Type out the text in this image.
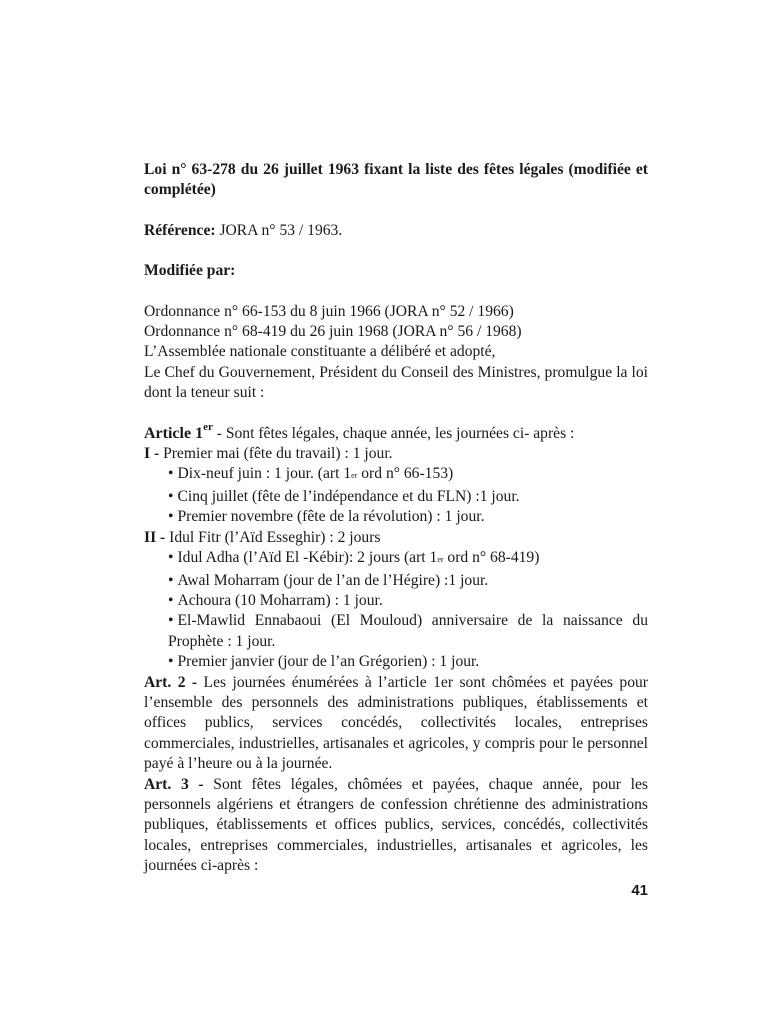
Loi n° 63-278 du 26 juillet 1963 fixant la liste des fêtes légales (modifiée et complétée)

Référence: JORA n° 53 / 1963.

Modifiée par:

Ordonnance n° 66-153 du 8 juin 1966 (JORA n° 52 / 1966)
Ordonnance n° 68-419 du 26 juin 1968 (JORA n° 56 / 1968)
L’Assemblée nationale constituante a délibéré et adopté,
Le Chef du Gouvernement, Président du Conseil des Ministres, promulgue la loi dont la teneur suit :
Article 1er - Sont fêtes légales, chaque année, les journées ci- après :
I - Premier mai (fête du travail) : 1 jour.
• Dix-neuf juin : 1 jour. (art 1er ord n° 66-153)
• Cinq juillet (fête de l’indépendance et du FLN) :1 jour.
• Premier novembre (fête de la révolution) : 1 jour.
II - Idul Fitr (l’Aïd Esseghir) : 2 jours
• Idul Adha (l’Aïd El -Kébir): 2 jours (art 1er ord n° 68-419)
• Awal Moharram (jour de l’an de l’Hégire) :1 jour.
• Achoura (10 Moharram) : 1 jour.
• El-Mawlid Ennabaoui (El Mouloud) anniversaire de la naissance du Prophète : 1 jour.
• Premier janvier (jour de l’an Grégorien) : 1 jour.
Art. 2 - Les journées énumérées à l’article 1er sont chômées et payées pour l’ensemble des personnels des administrations publiques, établissements et offices publics, services concédés, collectivités locales, entreprises commerciales, industrielles, artisanales et agricoles, y compris pour le personnel payé à l’heure ou à la journée.
Art. 3 - Sont fêtes légales, chômées et payées, chaque année, pour les personnels algériens et étrangers de confession chrétienne des administrations publiques, établissements et offices publics, services, concédés, collectivités locales, entreprises commerciales, industrielles, artisanales et agricoles, les journées ci-après :
41
